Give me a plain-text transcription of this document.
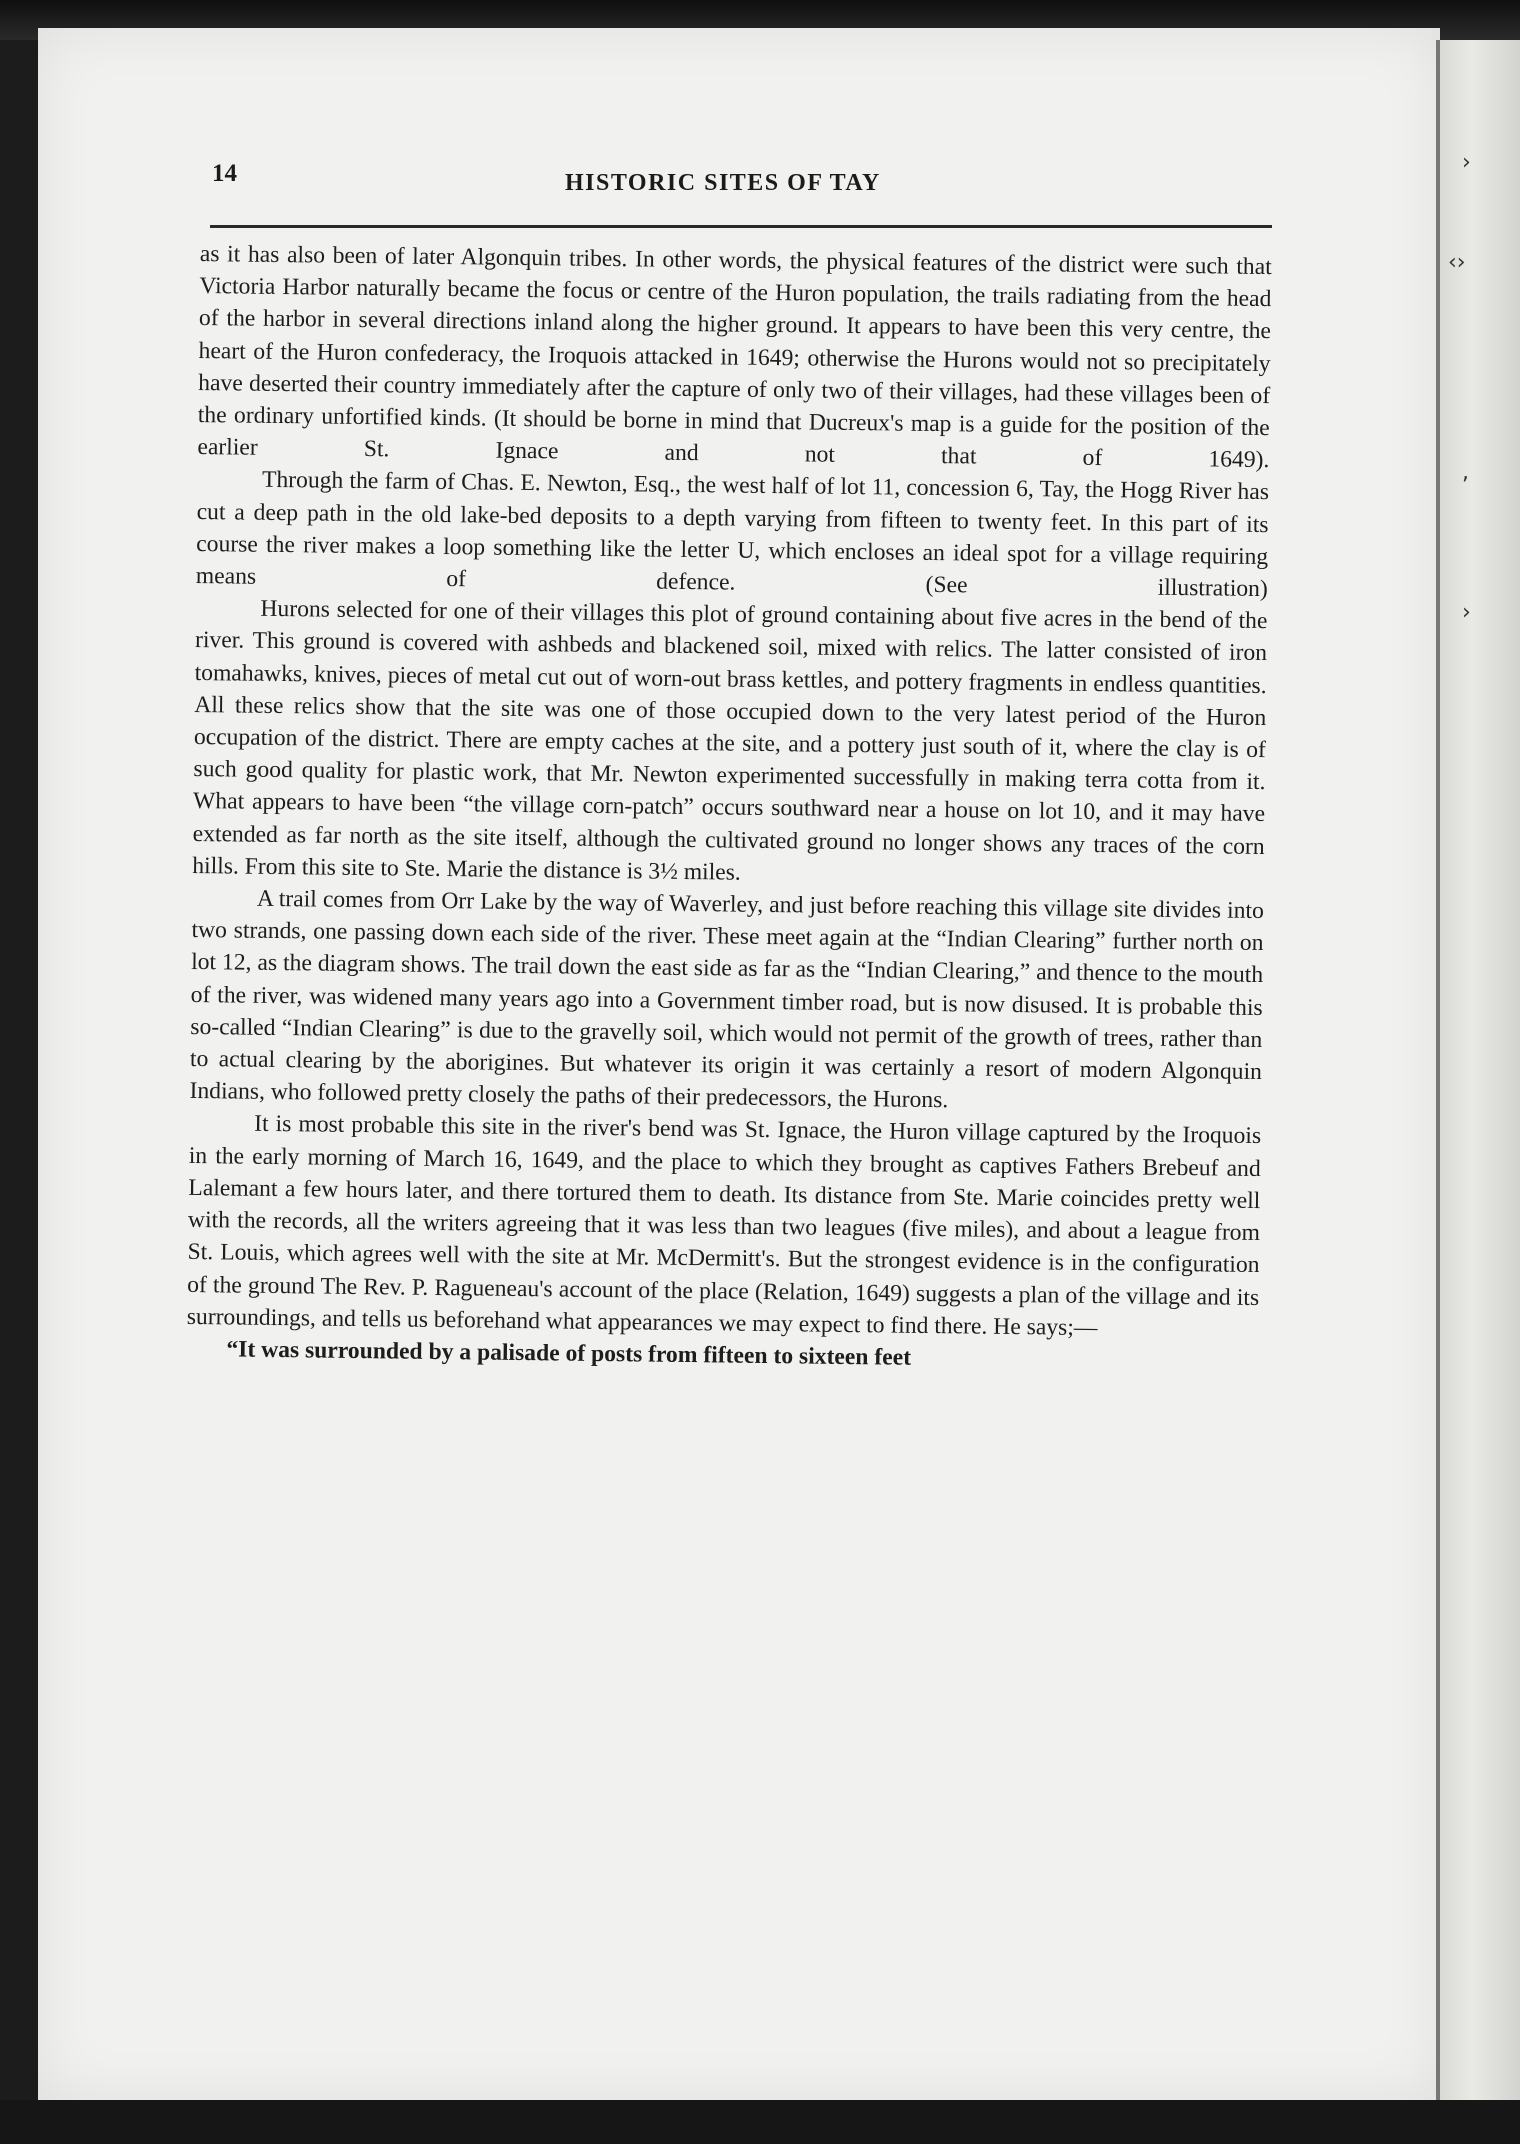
›
‹›
,
›
14	HISTORIC SITES OF TAY

as it has also been of later Algonquin tribes. In other words, the physical features of the district were such that Victoria Harbor naturally became the focus or centre of the Huron population, the trails radiating from the head of the harbor in several directions inland along the higher ground. It appears to have been this very centre, the heart of the Huron confederacy, the Iroquois attacked in 1649; otherwise the Hurons would not so precipitately have deserted their country immediately after the capture of only two of their villages, had these villages been of the ordinary unfortified kinds. (It should be borne in mind that Ducreux's map is a guide for the position of the earlier St. Ignace and not that of 1649).

Through the farm of Chas. E. Newton, Esq., the west half of lot 11, concession 6, Tay, the Hogg River has cut a deep path in the old lake-bed deposits to a depth varying from fifteen to twenty feet. In this part of its course the river makes a loop something like the letter U, which encloses an ideal spot for a village requiring means of defence. (See illustration)

Hurons selected for one of their villages this plot of ground containing about five acres in the bend of the river. This ground is covered with ashbeds and blackened soil, mixed with relics. The latter consisted of iron tomahawks, knives, pieces of metal cut out of worn-out brass kettles, and pottery fragments in endless quantities. All these relics show that the site was one of those occupied down to the very latest period of the Huron occupation of the district. There are empty caches at the site, and a pottery just south of it, where the clay is of such good quality for plastic work, that Mr. Newton experimented successfully in making terra cotta from it. What appears to have been “the village corn-patch” occurs southward near a house on lot 10, and it may have extended as far north as the site itself, although the cultivated ground no longer shows any traces of the corn hills. From this site to Ste. Marie the distance is 3½ miles.

A trail comes from Orr Lake by the way of Waverley, and just before reaching this village site divides into two strands, one passing down each side of the river. These meet again at the “Indian Clearing” further north on lot 12, as the diagram shows. The trail down the east side as far as the “Indian Clearing,” and thence to the mouth of the river, was widened many years ago into a Government timber road, but is now disused. It is probable this so-called “Indian Clearing” is due to the gravelly soil, which would not permit of the growth of trees, rather than to actual clearing by the aborigines. But whatever its origin it was certainly a resort of modern Algonquin Indians, who followed pretty closely the paths of their predecessors, the Hurons.

It is most probable this site in the river's bend was St. Ignace, the Huron village captured by the Iroquois in the early morning of March 16, 1649, and the place to which they brought as captives Fathers Brebeuf and Lalemant a few hours later, and there tortured them to death. Its distance from Ste. Marie coincides pretty well with the records, all the writers agreeing that it was less than two leagues (five miles), and about a league from St. Louis, which agrees well with the site at Mr. McDermitt's. But the strongest evidence is in the configuration of the ground The Rev. P. Ragueneau's account of the place (Relation, 1649) suggests a plan of the village and its surroundings, and tells us beforehand what appearances we may expect to find there. He says;—

“It was surrounded by a palisade of posts from fifteen to sixteen feet
